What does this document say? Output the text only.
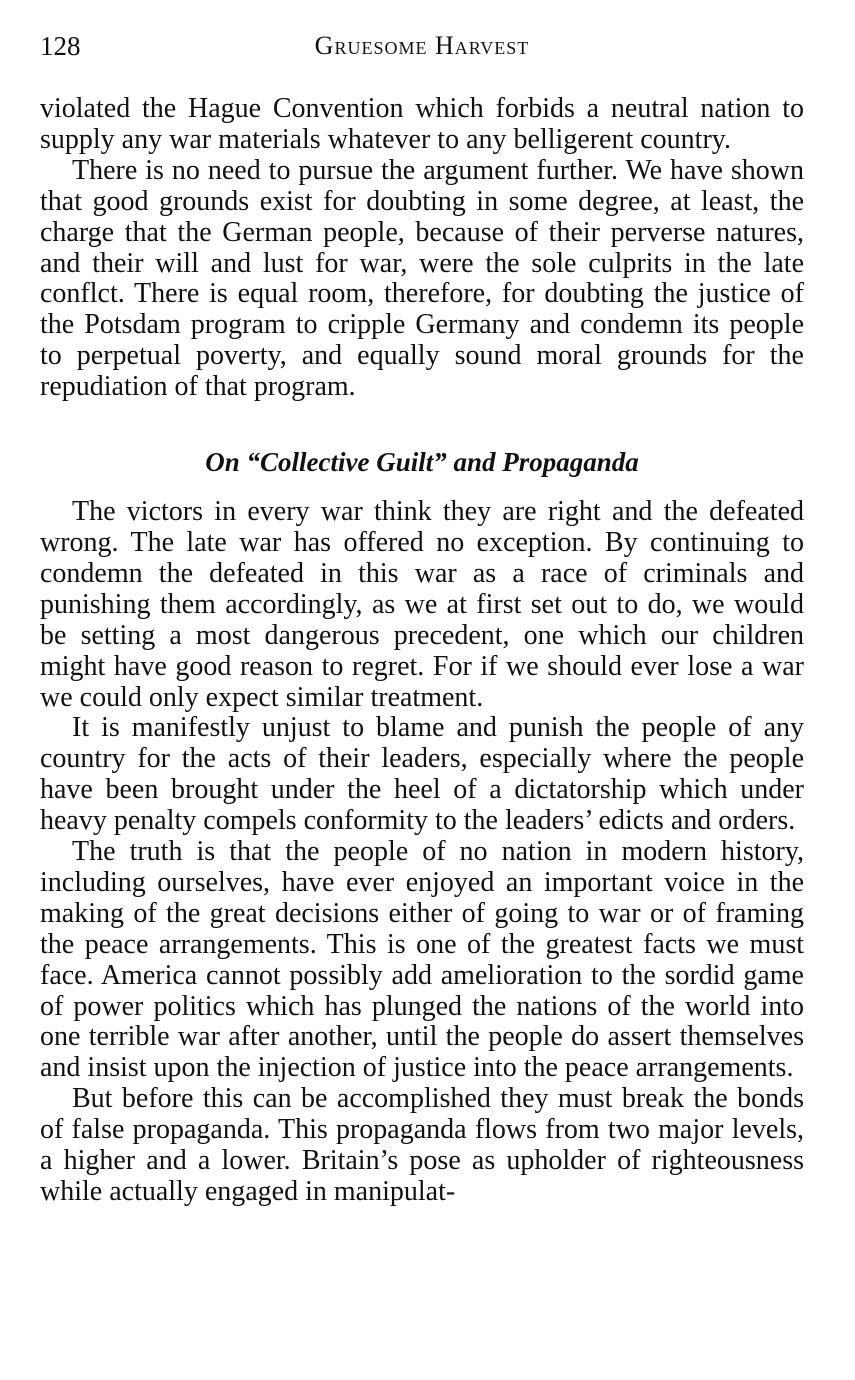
128	Gruesome Harvest

violated the Hague Convention which forbids a neutral nation to supply any war materials whatever to any belligerent country.

There is no need to pursue the argument further. We have shown that good grounds exist for doubting in some degree, at least, the charge that the German people, because of their perverse natures, and their will and lust for war, were the sole culprits in the late conflct. There is equal room, therefore, for doubting the justice of the Potsdam program to cripple Germany and condemn its people to perpetual poverty, and equally sound moral grounds for the repudiation of that program.

On “Collective Guilt” and Propaganda

The victors in every war think they are right and the defeated wrong. The late war has offered no exception. By continuing to condemn the defeated in this war as a race of criminals and punishing them accordingly, as we at first set out to do, we would be setting a most dangerous precedent, one which our children might have good reason to regret. For if we should ever lose a war we could only expect similar treatment.

It is manifestly unjust to blame and punish the people of any country for the acts of their leaders, especially where the people have been brought under the heel of a dictatorship which under heavy penalty compels conformity to the leaders’ edicts and orders.

The truth is that the people of no nation in modern history, including ourselves, have ever enjoyed an important voice in the making of the great decisions either of going to war or of framing the peace arrangements. This is one of the greatest facts we must face. America cannot possibly add amelioration to the sordid game of power politics which has plunged the nations of the world into one terrible war after another, until the people do assert themselves and insist upon the injection of justice into the peace arrangements.

But before this can be accomplished they must break the bonds of false propaganda. This propaganda flows from two major levels, a higher and a lower. Britain’s pose as upholder of righteousness while actually engaged in manipulat-
